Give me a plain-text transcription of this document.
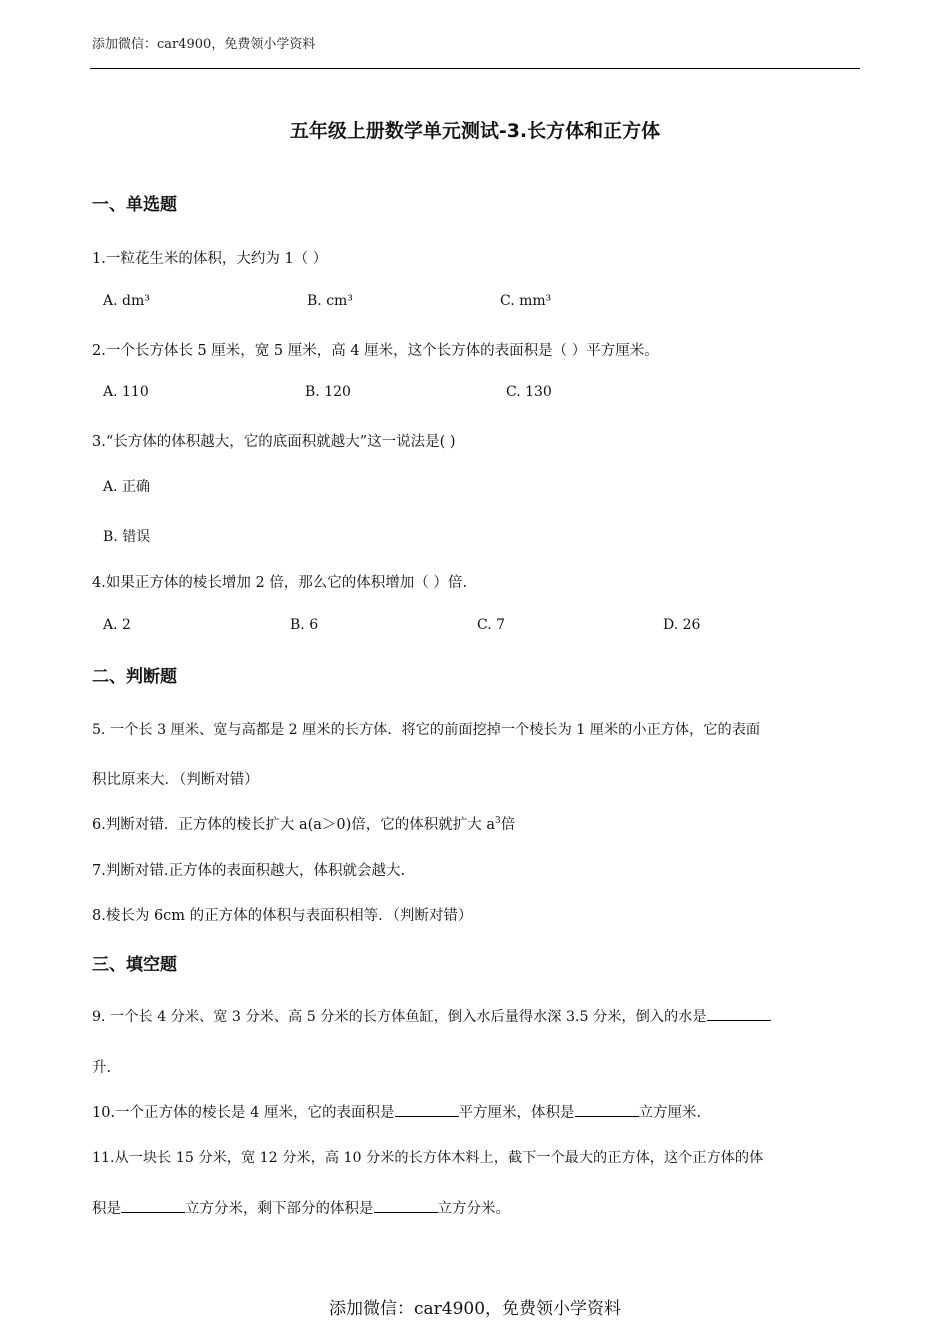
添加微信：car4900，免费领小学资料
五年级上册数学单元测试-3.长方体和正方体
一、单选题
1.一粒花生米的体积，大约为 1（ ）
A. dm³	B. cm³	C. mm³
2.一个长方体长 5 厘米，宽 5 厘米，高 4 厘米，这个长方体的表面积是（ ）平方厘米。
A. 110	B. 120	C. 130
3.“长方体的体积越大，它的底面积就越大”这一说法是( )
A. 正确
B. 错误
4.如果正方体的棱长增加 2 倍，那么它的体积增加（ ）倍.
A. 2	B. 6	C. 7	D. 26
二、判断题
5. 一个长 3 厘米、宽与高都是 2 厘米的长方体．将它的前面挖掉一个棱长为 1 厘米的小正方体，它的表面
积比原来大．（判断对错）
6.判断对错．正方体的棱长扩大 a(a＞0)倍，它的体积就扩大 $a^3$倍
7.判断对错.正方体的表面积越大，体积就会越大.
8.棱长为 6cm 的正方体的体积与表面积相等．（判断对错）
三、填空题
9. 一个长 4 分米、宽 3 分米、高 5 分米的长方体鱼缸，倒入水后量得水深 3.5 分米，倒入的水是
升.
10.一个正方体的棱长是 4 厘米，它的表面积是	平方厘米，体积是	立方厘米.
11.从一块长 15 分米，宽 12 分米，高 10 分米的长方体木料上，截下一个最大的正方体，这个正方体的体
积是	立方分米，剩下部分的体积是	立方分米。
添加微信：car4900，免费领小学资料
